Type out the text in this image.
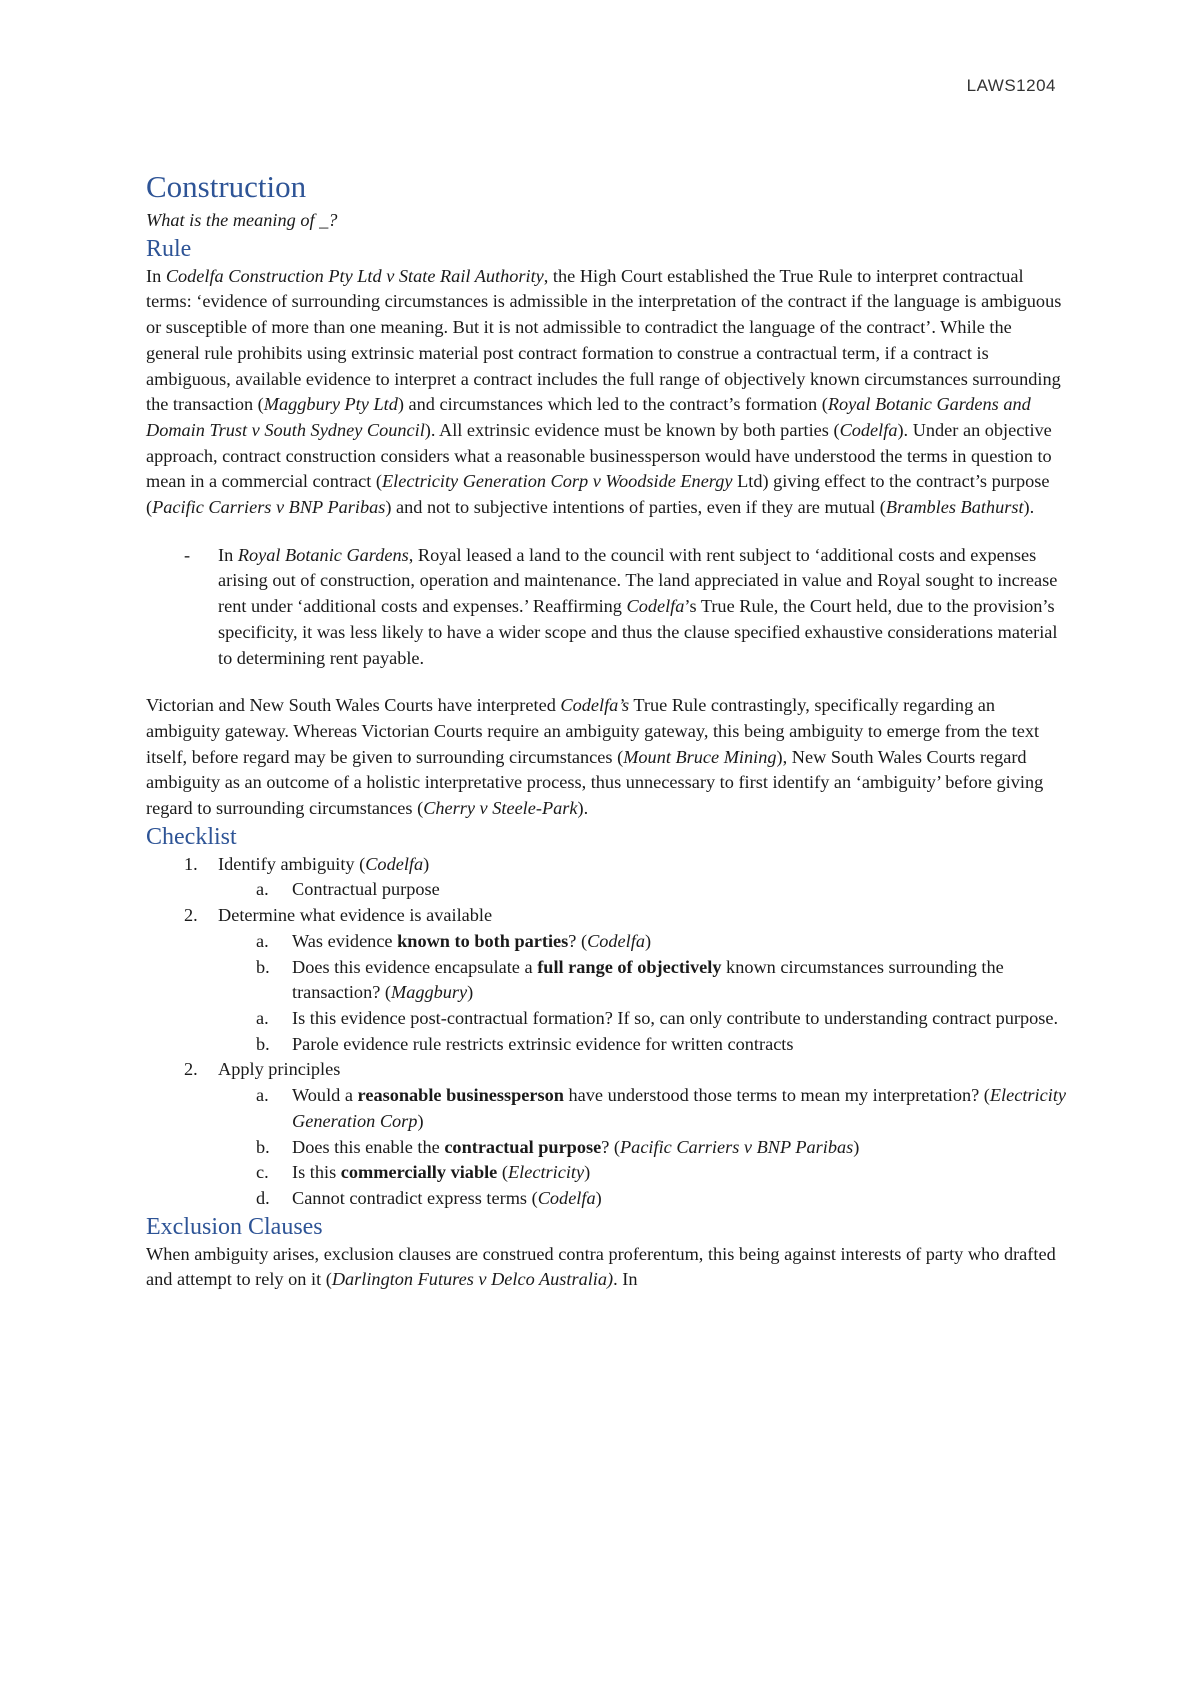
LAWS1204
Construction

What is the meaning of _?

Rule

In Codelfa Construction Pty Ltd v State Rail Authority, the High Court established the True Rule to interpret contractual terms: ‘evidence of surrounding circumstances is admissible in the interpretation of the contract if the language is ambiguous or susceptible of more than one meaning. But it is not admissible to contradict the language of the contract’. While the general rule prohibits using extrinsic material post contract formation to construe a contractual term, if a contract is ambiguous, available evidence to interpret a contract includes the full range of objectively known circumstances surrounding the transaction (Maggbury Pty Ltd) and circumstances which led to the contract’s formation (Royal Botanic Gardens and Domain Trust v South Sydney Council). All extrinsic evidence must be known by both parties (Codelfa). Under an objective approach, contract construction considers what a reasonable businessperson would have understood the terms in question to mean in a commercial contract (Electricity Generation Corp v Woodside Energy Ltd) giving effect to the contract’s purpose (Pacific Carriers v BNP Paribas) and not to subjective intentions of parties, even if they are mutual (Brambles Bathurst).

- In Royal Botanic Gardens, Royal leased a land to the council with rent subject to ‘additional costs and expenses arising out of construction, operation and maintenance. The land appreciated in value and Royal sought to increase rent under ‘additional costs and expenses.’ Reaffirming Codelfa’s True Rule, the Court held, due to the provision’s specificity, it was less likely to have a wider scope and thus the clause specified exhaustive considerations material to determining rent payable.

Victorian and New South Wales Courts have interpreted Codelfa’s True Rule contrastingly, specifically regarding an ambiguity gateway. Whereas Victorian Courts require an ambiguity gateway, this being ambiguity to emerge from the text itself, before regard may be given to surrounding circumstances (Mount Bruce Mining), New South Wales Courts regard ambiguity as an outcome of a holistic interpretative process, thus unnecessary to first identify an ‘ambiguity’ before giving regard to surrounding circumstances (Cherry v Steele-Park).

Checklist
1. Identify ambiguity (Codelfa)
a. Contractual purpose
2. Determine what evidence is available
a. Was evidence known to both parties? (Codelfa)
b. Does this evidence encapsulate a full range of objectively known circumstances surrounding the transaction? (Maggbury)
a. Is this evidence post-contractual formation? If so, can only contribute to understanding contract purpose.
b. Parole evidence rule restricts extrinsic evidence for written contracts
2. Apply principles
a. Would a reasonable businessperson have understood those terms to mean my interpretation? (Electricity Generation Corp)
b. Does this enable the contractual purpose? (Pacific Carriers v BNP Paribas)
c. Is this commercially viable (Electricity)
d. Cannot contradict express terms (Codelfa)
Exclusion Clauses

When ambiguity arises, exclusion clauses are construed contra proferentum, this being against interests of party who drafted and attempt to rely on it (Darlington Futures v Delco Australia). In
